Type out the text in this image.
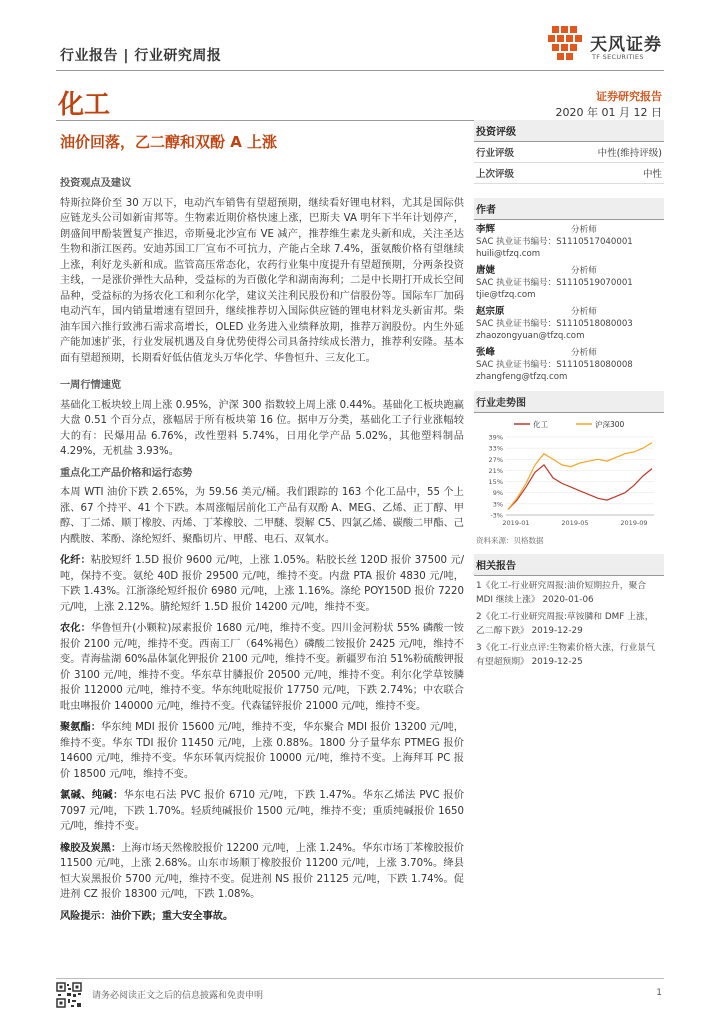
行业报告 | 行业研究周报
天风证券
TF SECURITIES
化工	证券研究报告
2020 年 01 月 12 日
油价回落，乙二醇和双酚 A 上涨
投资观点及建议
特斯拉降价至 30 万以下，电动汽车销售有望超预期，继续看好锂电材料，尤其是国际供应链龙头公司如新宙邦等。生物素近期价格快速上涨，巴斯夫 VA 明年下半年计划停产，朗盛间甲酚装置复产推迟，帝斯曼北沙宣布 VE 减产，推荐维生素龙头新和成，关注圣达生物和浙江医药。安迪苏国工厂宣布不可抗力，产能占全球 7.4%，蛋氨酸价格有望继续上涨，利好龙头新和成。监管高压常态化，农药行业集中度提升有望超预期，分两条投资主线，一是涨价弹性大品种，受益标的为百傲化学和湖南海利；二是中长期打开成长空间品种，受益标的为扬农化工和利尔化学，建议关注利民股份和广信股份等。国际车厂加码电动汽车，国内销量增速有望回升，继续推荐切入国际供应链的锂电材料龙头新宙邦。柴油车国六推行致沸石需求高增长，OLED 业务进入业绩释放期，推荐万润股份。内生外延产能加速扩张，行业发展机遇及自身优势使得公司具备持续成长潜力，推荐利安隆。基本面有望超预期，长期看好低估值龙头万华化学、华鲁恒升、三友化工。
一周行情速览
基础化工板块较上周上涨 0.95%，沪深 300 指数较上周上涨 0.44%。基础化工板块跑赢大盘 0.51 个百分点，涨幅居于所有板块第 16 位。据申万分类，基础化工子行业涨幅较大的有：民爆用品 6.76%，改性塑料 5.74%，日用化学产品 5.02%，其他塑料制品 4.29%，无机盐 3.93%。
重点化工产品价格和运行态势
本周 WTI 油价下跌 2.65%，为 59.56 美元/桶。我们跟踪的 163 个化工品中，55 个上涨、67 个持平、41 个下跌。本周涨幅居前化工产品有双酚 A、MEG、乙烯、正丁醇、甲醇、丁二烯、顺丁橡胶、丙烯、丁苯橡胶、二甲醚、裂解 C5、四氯乙烯、碳酸二甲酯、己内酰胺、苯酚、涤纶短纤、聚酯切片、甲醛、电石、双氧水。
化纤：粘胶短纤 1.5D 报价 9600 元/吨，上涨 1.05%。粘胶长丝 120D 报价 37500 元/吨，保持不变。氨纶 40D 报价 29500 元/吨，维持不变。内盘 PTA 报价 4830 元/吨，下跌 1.43%。江浙涤纶短纤报价 6980 元/吨，上涨 1.16%。涤纶 POY150D 报价 7220 元/吨，上涨 2.12%。腈纶短纤 1.5D 报价 14200 元/吨，维持不变。
农化：华鲁恒升(小颗粒)尿素报价 1680 元/吨，维持不变。四川金河粉状 55% 磷酸一铵报价 2100 元/吨，维持不变。西南工厂（64%褐色）磷酸二铵报价 2425 元/吨，维持不变。青海盐湖 60%晶体氯化钾报价 2100 元/吨，维持不变。新疆罗布泊 51%粉硫酸钾报价 3100 元/吨，维持不变。华东草甘膦报价 20500 元/吨，维持不变。利尔化学草铵膦报价 112000 元/吨，维持不变。华东纯吡啶报价 17750 元/吨，下跌 2.74%；中农联合吡虫啉报价 140000 元/吨，维持不变。代森锰锌报价 21000 元/吨，维持不变。
聚氨酯：华东纯 MDI 报价 15600 元/吨，维持不变，华东聚合 MDI 报价 13200 元/吨，维持不变。华东 TDI 报价 11450 元/吨，上涨 0.88%。1800 分子量华东 PTMEG 报价 14600 元/吨，维持不变。华东环氧丙烷报价 10000 元/吨，维持不变。上海拜耳 PC 报价 18500 元/吨，维持不变。
氯碱、纯碱：华东电石法 PVC 报价 6710 元/吨，下跌 1.47%。华东乙烯法 PVC 报价 7097 元/吨，下跌 1.70%。轻质纯碱报价 1500 元/吨，维持不变；重质纯碱报价 1650 元/吨，维持不变。
橡胶及炭黑：上海市场天然橡胶报价 12200 元/吨，上涨 1.24%。华东市场丁苯橡胶报价 11500 元/吨，上涨 2.68%。山东市场顺丁橡胶报价 11200 元/吨，上涨 3.70%。绛县恒大炭黑报价 5700 元/吨，维持不变。促进剂 NS 报价 21125 元/吨，下跌 1.74%。促进剂 CZ 报价 18300 元/吨，下跌 1.08%。
风险提示：油价下跌；重大安全事故。
投资评级
行业评级	中性(维持评级)
上次评级	中性
作者
李辉	分析师
SAC 执业证书编号：S1110517040001
huili@tfzq.com
唐婕	分析师
SAC 执业证书编号：S1110519070001
tjie@tfzq.com
赵宗原	分析师
SAC 执业证书编号：S1110518080003
zhaozongyuan@tfzq.com
张峰	分析师
SAC 执业证书编号：S1110518080008
zhangfeng@tfzq.com
行业走势图
化工	沪深300
39%
33%
27%
21%
15%
9%
3%
-3%
2019-01	2019-05	2019-09
资料来源：贝格数据
相关报告
1《化工-行业研究周报:油价短期拉升，聚合 MDI 继续上涨》 2020-01-06
2《化工-行业研究周报:草铵膦和 DMF 上涨，乙二醇下跌》 2019-12-29
3《化工-行业点评:生物素价格大涨，行业景气有望超预期》 2019-12-25
请务必阅读正文之后的信息披露和免责申明	1
